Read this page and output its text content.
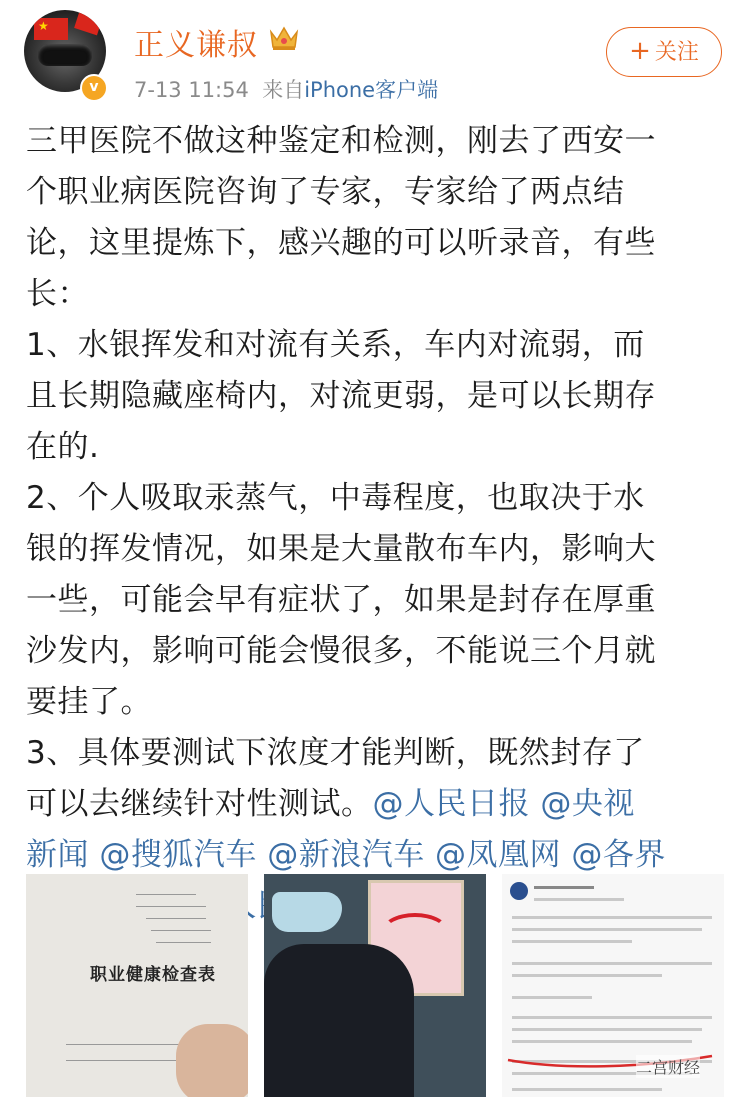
★
v
正义谦叔
7-13 11:54 来自iPhone客户端
+ 关注

三甲医院不做这种鉴定和检测，刚去了西安一

个职业病医院咨询了专家，专家给了两点结

论，这里提炼下，感兴趣的可以听录音，有些

长：

1、水银挥发和对流有关系，车内对流弱，而

且长期隐藏座椅内，对流更弱，是可以长期存

在的.

2、个人吸取汞蒸气，中毒程度，也取决于水

银的挥发情况，如果是大量散布车内，影响大

一些，可能会早有症状了，如果是封存在厚重

沙发内，影响可能会慢很多，不能说三个月就

要挂了。

3、具体要测试下浓度才能判断，既然封存了

可以去继续针对性测试。@人民日报 @央视

新闻 @搜狐汽车 @新浪汽车 @凤凰网 @各界

职业健康检查表
二宫财经
